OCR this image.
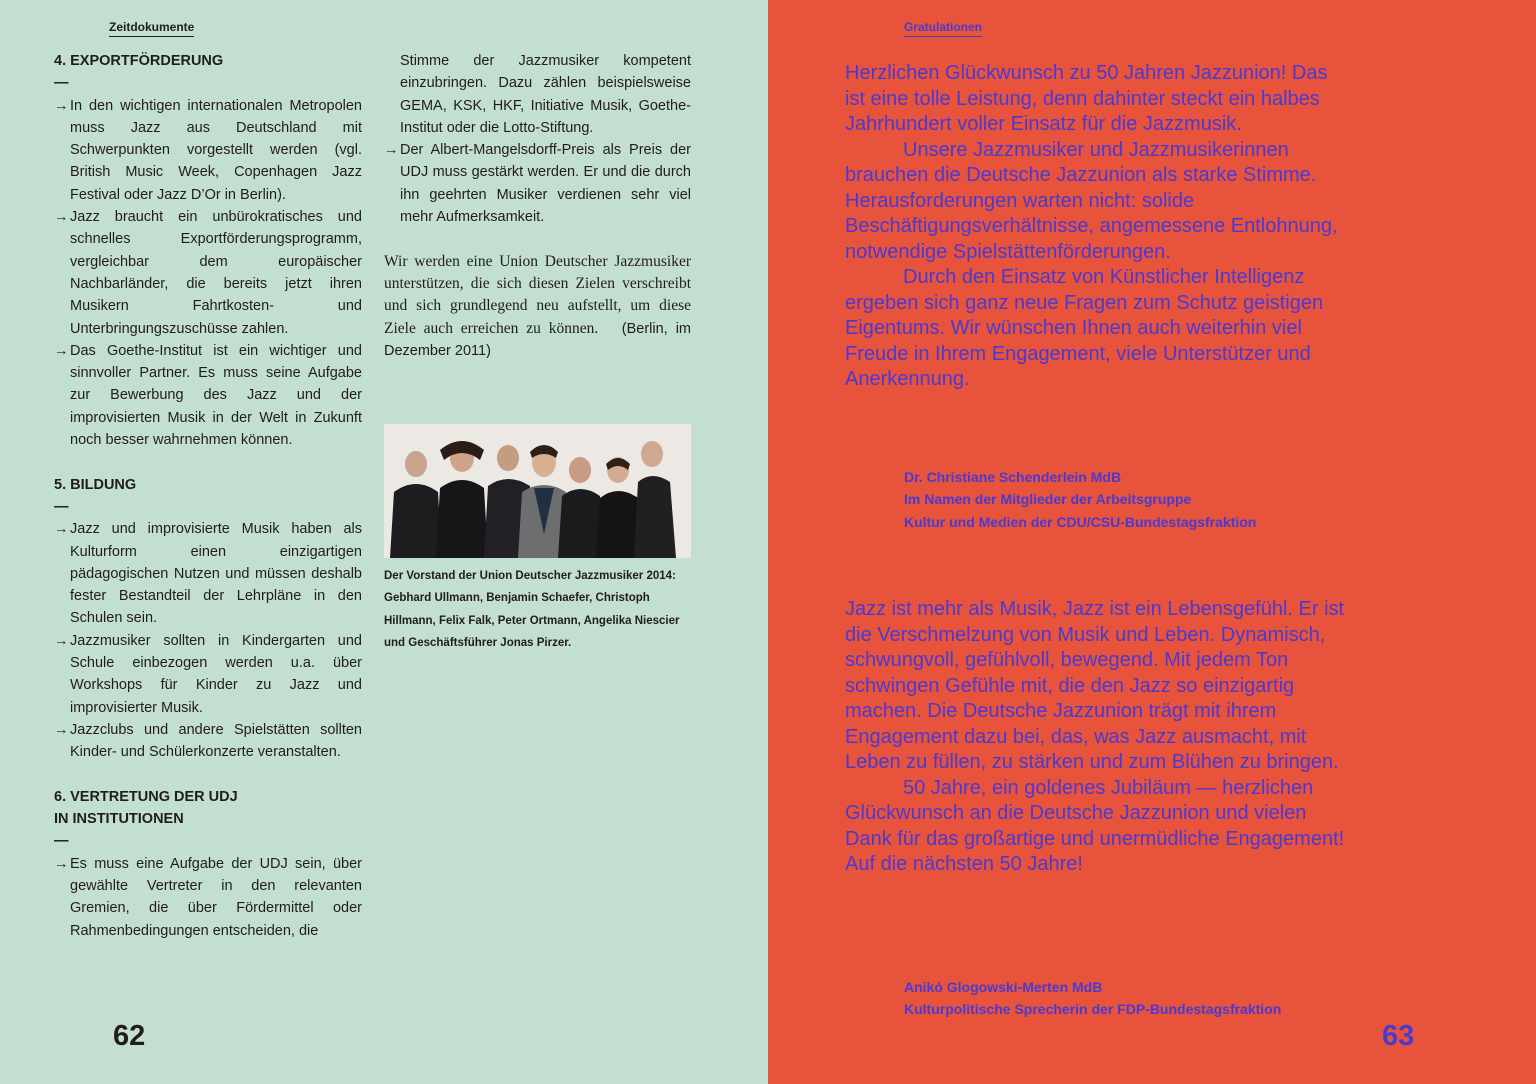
Zeitdokumente
4. EXPORTFÖRDERUNG
—
→ In den wichtigen internationalen Metropolen muss Jazz aus Deutschland mit Schwerpunkten vorgestellt werden (vgl. British Music Week, Copenhagen Jazz Festival oder Jazz D’Or in Berlin).
→ Jazz braucht ein unbürokratisches und schnelles Exportförderungsprogramm, vergleichbar dem europäischer Nachbarländer, die bereits jetzt ihren Musikern Fahrtkosten- und Unterbringungszuschüsse zahlen.
→ Das Goethe-Institut ist ein wichtiger und sinnvoller Partner. Es muss seine Aufgabe zur Bewerbung des Jazz und der improvisierten Musik in der Welt in Zukunft noch besser wahrnehmen können.
5. BILDUNG
—
→ Jazz und improvisierte Musik haben als Kulturform einen einzigartigen pädagogischen Nutzen und müssen deshalb fester Bestandteil der Lehrpläne in den Schulen sein.
→ Jazzmusiker sollten in Kindergarten und Schule einbezogen werden u.a. über Workshops für Kinder zu Jazz und improvisierter Musik.
→ Jazzclubs und andere Spielstätten sollten Kinder- und Schülerkonzerte veranstalten.
6. VERTRETUNG DER UDJ
IN INSTITUTIONEN
—
→ Es muss eine Aufgabe der UDJ sein, über gewählte Vertreter in den relevanten Gremien, die über Fördermittel oder Rahmenbedingungen entscheiden, die
Stimme der Jazzmusiker kompetent einzubringen. Dazu zählen beispielsweise GEMA, KSK, HKF, Initiative Musik, Goethe-Institut oder die Lotto-Stiftung.
→ Der Albert-Mangelsdorff-Preis als Preis der UDJ muss gestärkt werden. Er und die durch ihn geehrten Musiker verdienen sehr viel mehr Aufmerksamkeit.
Wir werden eine Union Deutscher Jazzmusiker unterstützen, die sich diesen Zielen verschreibt und sich grundlegend neu aufstellt, um diese Ziele auch erreichen zu können. (Berlin, im Dezember 2011)
Der Vorstand der Union Deutscher Jazzmusiker 2014: Gebhard Ullmann, Benjamin Schaefer, Christoph Hillmann, Felix Falk, Peter Ortmann, Angelika Niescier und Geschäftsführer Jonas Pirzer.
62
Gratulationen
63

Herzlichen Glückwunsch zu 50 Jahren Jazzunion! Das ist eine tolle Leistung, denn dahinter steckt ein halbes Jahrhundert voller Einsatz für die Jazzmusik.

Unsere Jazzmusiker und Jazzmusikerinnen brauchen die Deutsche Jazzunion als starke Stimme. Herausforderungen warten nicht: solide Beschäftigungsverhältnisse, angemessene Entlohnung, notwendige Spielstättenförderungen.

Durch den Einsatz von Künstlicher Intelligenz ergeben sich ganz neue Fragen zum Schutz geistigen Eigentums. Wir wünschen Ihnen auch weiterhin viel Freude in Ihrem Engagement, viele Unterstützer und Anerkennung.

Dr. Christiane Schenderlein MdB
Im Namen der Mitglieder der Arbeitsgruppe
Kultur und Medien der CDU/CSU-Bundestagsfraktion

Jazz ist mehr als Musik, Jazz ist ein Lebensgefühl. Er ist die Verschmelzung von Musik und Leben. Dynamisch, schwungvoll, gefühlvoll, bewegend. Mit jedem Ton schwingen Gefühle mit, die den Jazz so einzigartig machen. Die Deutsche Jazzunion trägt mit ihrem Engagement dazu bei, das, was Jazz ausmacht, mit Leben zu füllen, zu stärken und zum Blühen zu bringen.

50 Jahre, ein goldenes Jubiläum — herzlichen Glückwunsch an die Deutsche Jazzunion und vielen Dank für das großartige und unermüdliche Engagement! Auf die nächsten 50 Jahre!

Anikó Glogowski-Merten MdB
Kulturpolitische Sprecherin der FDP-Bundestagsfraktion
